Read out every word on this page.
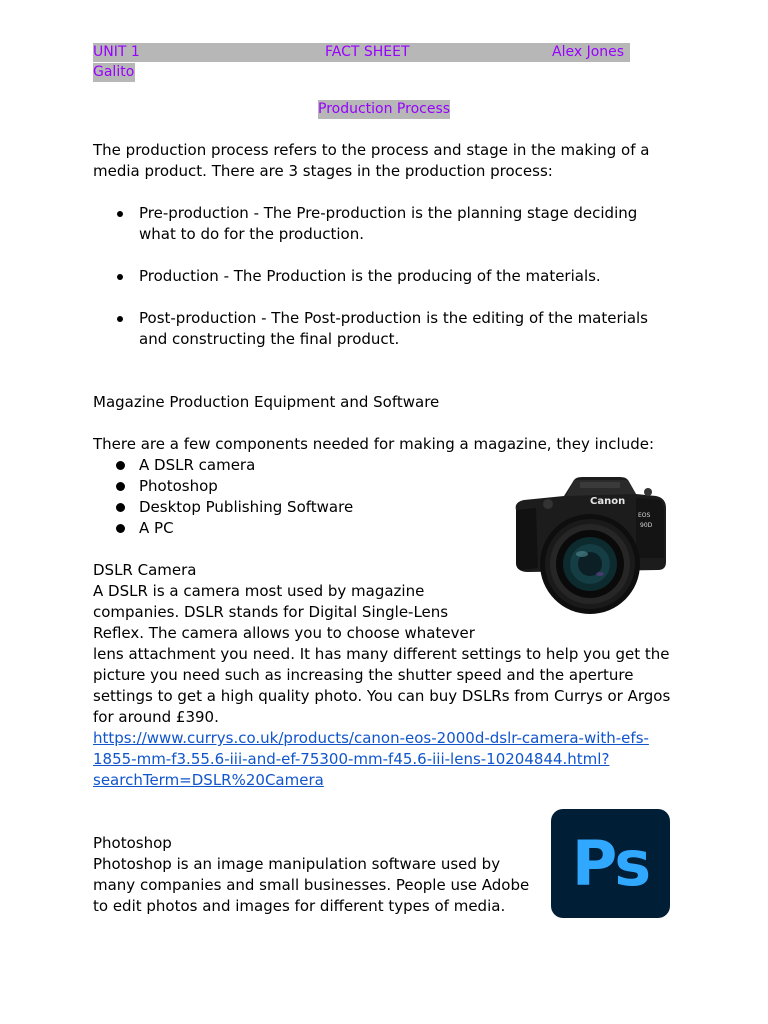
UNIT 1	FACT SHEET	Alex Jones
Galito
Production Process
The production process refers to the process and stage in the making of a
media product. There are 3 stages in the production process:
Pre-production - The Pre-production is the planning stage deciding
what to do for the production.
Production - The Production is the producing of the materials.
Post-production - The Post-production is the editing of the materials
and constructing the final product.
Magazine Production Equipment and Software
There are a few components needed for making a magazine, they include:
A DSLR camera
Photoshop
Desktop Publishing Software
A PC
Canon
EOS
90D
DSLR Camera
A DSLR is a camera most used by magazine
companies. DSLR stands for Digital Single-Lens
Reflex. The camera allows you to choose whatever
lens attachment you need. It has many different settings to help you get the
picture you need such as increasing the shutter speed and the aperture
settings to get a high quality photo. You can buy DSLRs from Currys or Argos
for around £390.
https://www.currys.co.uk/products/canon-eos-2000d-dslr-camera-with-efs-
1855-mm-f3.55.6-iii-and-ef-75300-mm-f45.6-iii-lens-10204844.html?
searchTerm=DSLR%20Camera
Ps
Photoshop
Photoshop is an image manipulation software used by
many companies and small businesses. People use Adobe
to edit photos and images for different types of media.
